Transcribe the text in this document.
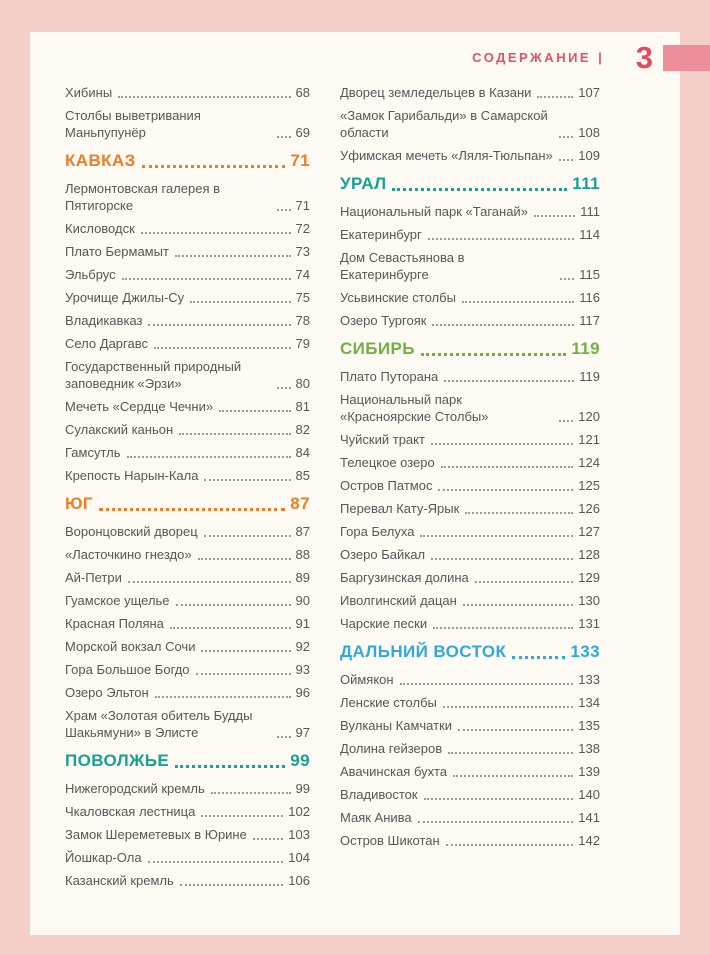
СОДЕРЖАНИЕ | 3
Хибины	68
Столбы выветривания Маньпупунёр	69
КАВКАЗ	71
Лермонтовская галерея в Пятигорске	71
Кисловодск	72
Плато Бермамыт	73
Эльбрус	74
Урочище Джилы-Су	75
Владикавказ	78
Село Даргавс	79
Государственный природный заповедник «Эрзи»	80
Мечеть «Сердце Чечни»	81
Сулакский каньон	82
Гамсутль	84
Крепость Нарын-Кала	85
ЮГ	87
Воронцовский дворец	87
«Ласточкино гнездо»	88
Ай-Петри	89
Гуамское ущелье	90
Красная Поляна	91
Морской вокзал Сочи	92
Гора Большое Богдо	93
Озеро Эльтон	96
Храм «Золотая обитель Будды Шакьямуни» в Элисте	97
ПОВОЛЖЬЕ	99
Нижегородский кремль	99
Чкаловская лестница	102
Замок Шереметевых в Юрине	103
Йошкар-Ола	104
Казанский кремль	106
Дворец земледельцев в Казани	107
«Замок Гарибальди» в Самарской области	108
Уфимская мечеть «Ляля-Тюльпан» 109
УРАЛ	111
Национальный парк «Таганай»	111
Екатеринбург	114
Дом Севастьянова в Екатеринбурге	115
Усьвинские столбы	116
Озеро Тургояк	117
СИБИРЬ	119
Плато Путорана	119
Национальный парк «Красноярские Столбы»	120
Чуйский тракт	121
Телецкое озеро	124
Остров Патмос	125
Перевал Кату-Ярык	126
Гора Белуха	127
Озеро Байкал	128
Баргузинская долина	129
Иволгинский дацан	130
Чарские пески	131
ДАЛЬНИЙ ВОСТОК	133
Оймякон	133
Ленские столбы	134
Вулканы Камчатки	135
Долина гейзеров	138
Авачинская бухта	139
Владивосток	140
Маяк Анива	141
Остров Шикотан	142
